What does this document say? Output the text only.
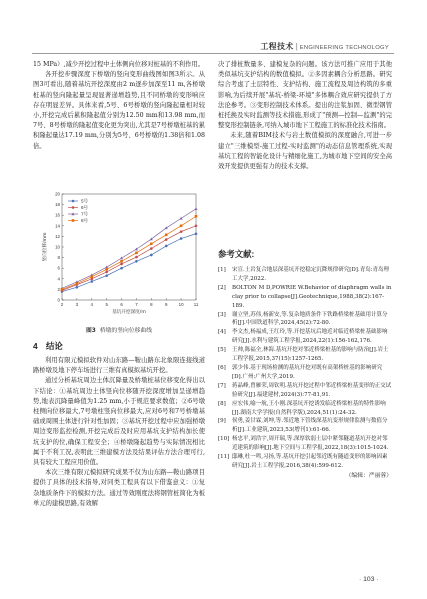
工程技术 | ENGINEERING TECHNOLOGY

15 MPa）,减少开挖过程中土体侧向位移对桩基的不利作用。

各开挖步骤深度下桥墩的竖向变形曲线图如图3所示。从图3可看出,随着基坑开挖深度由2 m逐步加深至11 m,各桥墩桩基的竖向隆起量呈现显著递增趋势,且不同桥墩的变形响应存在明显差异。具体来看,5号、6号桥墩的竖向隆起量相对较小,开挖完成后累积隆起值分别为12.50 mm和13.98 mm,而7号、8号桥墩的隆起值变化更为突出,尤其是7号桥墩桩基的累积隆起量达17.19 mm,分别为5号、6号桥墩的1.38倍和1.08倍。

0
2
4
6
8
10
12
14
16
18
20
2	3	4	5	6	7	8	9	10 11
基坑开挖深度/m
竖向位移/mm
5号
6号
7号
8号
图3 桥墩的竖向位移曲线
4　结论

利用有限元模拟软件对山东路—鞍山路东北象限连接线道路桥墩及地下停车场进行三维有真模拟基坑开挖。

通过分析基坑周边土体沉降量及桥墩桩基位移变化得出以下结论：①基坑周边土体竖向位移随开挖深度增加呈递增趋势,地表沉降量峰值为1.25 mm,小于规范要求数值；②6号墩柱侧向位移最大,7号墩柱竖向位移最大,应对6号和7号桥墩基础或周围土体进行针对性加固；③基坑开挖过程中应加强桥墩周边变形监控检测,开挖完成后及时应用基坑支护结构加长使坑支护的位,确保工程安全；④桥墩隆起趋势与实际情况相比属于不利工况,表明此三维建模方法及结果评估方法合理可行,具有较大工程应用价值。

本次三维有限元模拟研究成果不仅为山东路—鞍山路项目提供了具体的技术指导,对同类工程具有以下借鉴意义：①复杂地质条件下的模拟方法。通过等效刚度法将钢管桩简化为板单元的建模思路,有效解

决了排桩数量多、建模复杂的问题。该方法可推广应用于其他类似基坑支护结构的数值模拟。②多因素耦合分析思路。研究综合考虑了土层特性、支护结构、施工流程及周边构筑的多重影响,为后续开展"基坑-桥梁-环境"多体耦合效应研究提供了方法论参考。③变形控制技术体系。提出的注浆加固、微型钢管桩托换及实时监测等技术措施,形成了"预测—控制—监测"的完整变形控制链条,可纳入城市地下工程施工的标准化技术指南。

未来,随着BIM技术与岩土数值模拟的深度融合,可进一步建立"三维模型-施工过程-实时监测"的动态信息管理系统,实现基坑工程的智能化设计与精细化施工,为城市地下空间的安全高效开发提供更强有力的技术支撑。

参考文献:
[1] 宋宣.土岩复合地层深基坑开挖稳定沉降规律研究[D].青岛:青岛理工大学,2022.
[2] BOLTON M D,POWRIE W.Behavior of diaphragm walls in clay prior to collapse[J].Geotechnique,1988,38(2):167-189.
[3] 谢立坚,苏伟,杨新安,等.复杂地质条件下铁路桥梁桩基础用计算分析[J].中国铁道科学,2024,45(2):72-80.
[4] 李文杰,杨福成,王红玲,等.开挖基坑后地近对临近桥梁桩基础影响研究[J].水利与建筑工程学报,2024,22(1):156-162,176.
[5] 王帅,陈福全,林海.基坑开挖对邻近桥梁桩基的影响与防治[J].岩土工程学报,2015,37(15):1257-1265.
[6] 郭少伟.基于现场检测的基坑开挖对既有高架桥桩基的影响研究[D].广州:广州大学,2019.
[7] 蒋晶峰,曾雁荣,周钦明.基坑开挖过程中邻近桥梁桩基变形的正交试验研究[J].福建建材,2024(3):77-81,91.
[8] 应宏伟,喻一航,王小刚.深基坑开挖诱发临近桥梁桩基的特性影响[J].湖南大学学报(自然科学版),2024,51(1):24-32.
[9] 侯勇,姜甘霖,刘坤,等.邻近地下管线深基坑变形规律监测与数值分析[J].工业建筑,2023,53(增刊1):61-66.
[10] 杨忠平,刘浩宇,周开瑞,等.深厚软弱土层中紧邻隧道基坑开挖对邻近建筑的影响[J].地下空间与工程学报,2022,18(3):1015-1024.
[11] 邸琳,杜一鸣,习扬,等.基坑开挖引起邻近既有隧道变形的影响因素研究[J].岩土工程学报,2016,38(4):599-612.
（编辑：严丽蓉）
· 103 ·
